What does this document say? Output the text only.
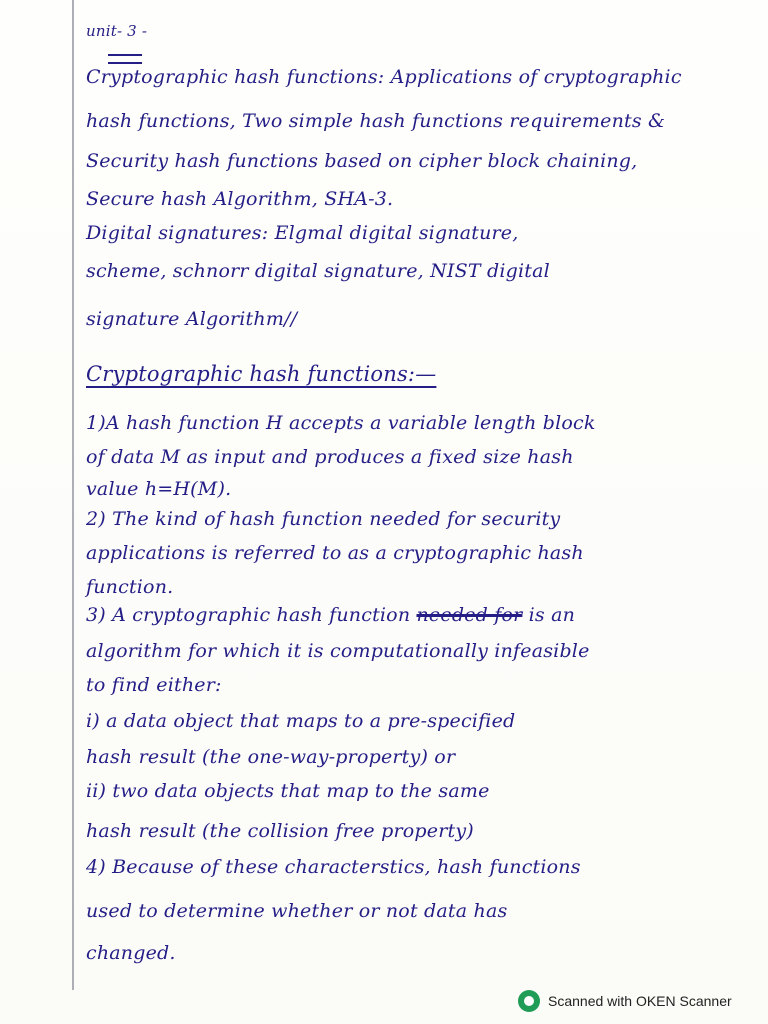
unit- 3 -
Cryptographic hash functions: Applications of cryptographic
hash functions, Two simple hash functions requirements &
Security hash functions based on cipher block chaining,
Secure hash Algorithm, SHA-3.
Digital signatures: Elgmal digital signature,
scheme, schnorr digital signature, NIST digital
signature Algorithm//
Cryptographic hash functions:—
1)A hash function H accepts a variable length block
of data M as input and produces a fixed size hash
value h=H(M).
2) The kind of hash function needed for security
applications is referred to as a cryptographic hash
function.
3) A cryptographic hash function needed for is an
algorithm for which it is computationally infeasible
to find either:
i) a data object that maps to a pre-specified
hash result (the one-way-property) or
ii) two data objects that map to the same
hash result (the collision free property)
4) Because of these characterstics, hash functions
used to determine whether or not data has
changed.
Scanned with OKEN Scanner
